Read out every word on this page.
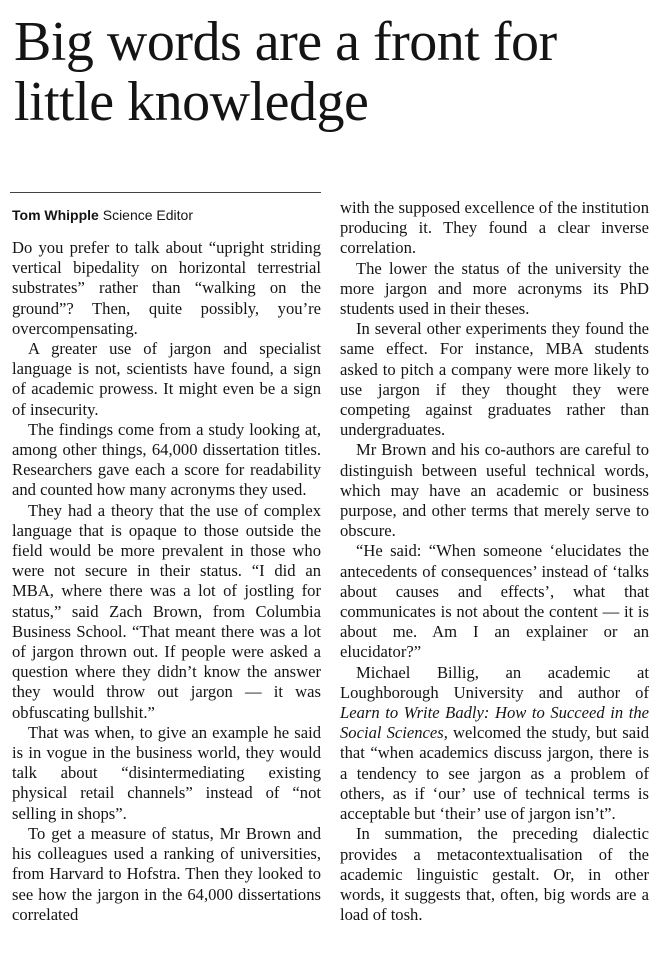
Big words are a front for little knowledge
Tom Whipple Science Editor

Do you prefer to talk about “upright striding vertical bipedality on horizontal terrestrial substrates” rather than “walking on the ground”? Then, quite possibly, you’re overcompensating.

A greater use of jargon and specialist language is not, scientists have found, a sign of academic prowess. It might even be a sign of insecurity.

The findings come from a study looking at, among other things, 64,000 dissertation titles. Researchers gave each a score for readability and counted how many acronyms they used.

They had a theory that the use of complex language that is opaque to those outside the field would be more prevalent in those who were not secure in their status. “I did an MBA, where there was a lot of jostling for status,” said Zach Brown, from Columbia Business School. “That meant there was a lot of jargon thrown out. If people were asked a question where they didn’t know the answer they would throw out jargon — it was obfuscating bullshit.”

That was when, to give an example he said is in vogue in the business world, they would talk about “disintermediating existing physical retail channels” instead of “not selling in shops”.

To get a measure of status, Mr Brown and his colleagues used a ranking of universities, from Harvard to Hofstra. Then they looked to see how the jargon in the 64,000 dissertations correlated

with the supposed excellence of the institution producing it. They found a clear inverse correlation.

The lower the status of the university the more jargon and more acronyms its PhD students used in their theses.

In several other experiments they found the same effect. For instance, MBA students asked to pitch a company were more likely to use jargon if they thought they were competing against graduates rather than undergraduates.

Mr Brown and his co-authors are careful to distinguish between useful technical words, which may have an academic or business purpose, and other terms that merely serve to obscure.

“He said: “When someone ‘elucidates the antecedents of consequences’ instead of ‘talks about causes and effects’, what that communicates is not about the content — it is about me. Am I an explainer or an elucidator?”

Michael Billig, an academic at Loughborough University and author of Learn to Write Badly: How to Succeed in the Social Sciences, welcomed the study, but said that “when academics discuss jargon, there is a tendency to see jargon as a problem of others, as if ‘our’ use of technical terms is acceptable but ‘their’ use of jargon isn’t”.

In summation, the preceding dialectic provides a metacontextualisation of the academic linguistic gestalt. Or, in other words, it suggests that, often, big words are a load of tosh.
